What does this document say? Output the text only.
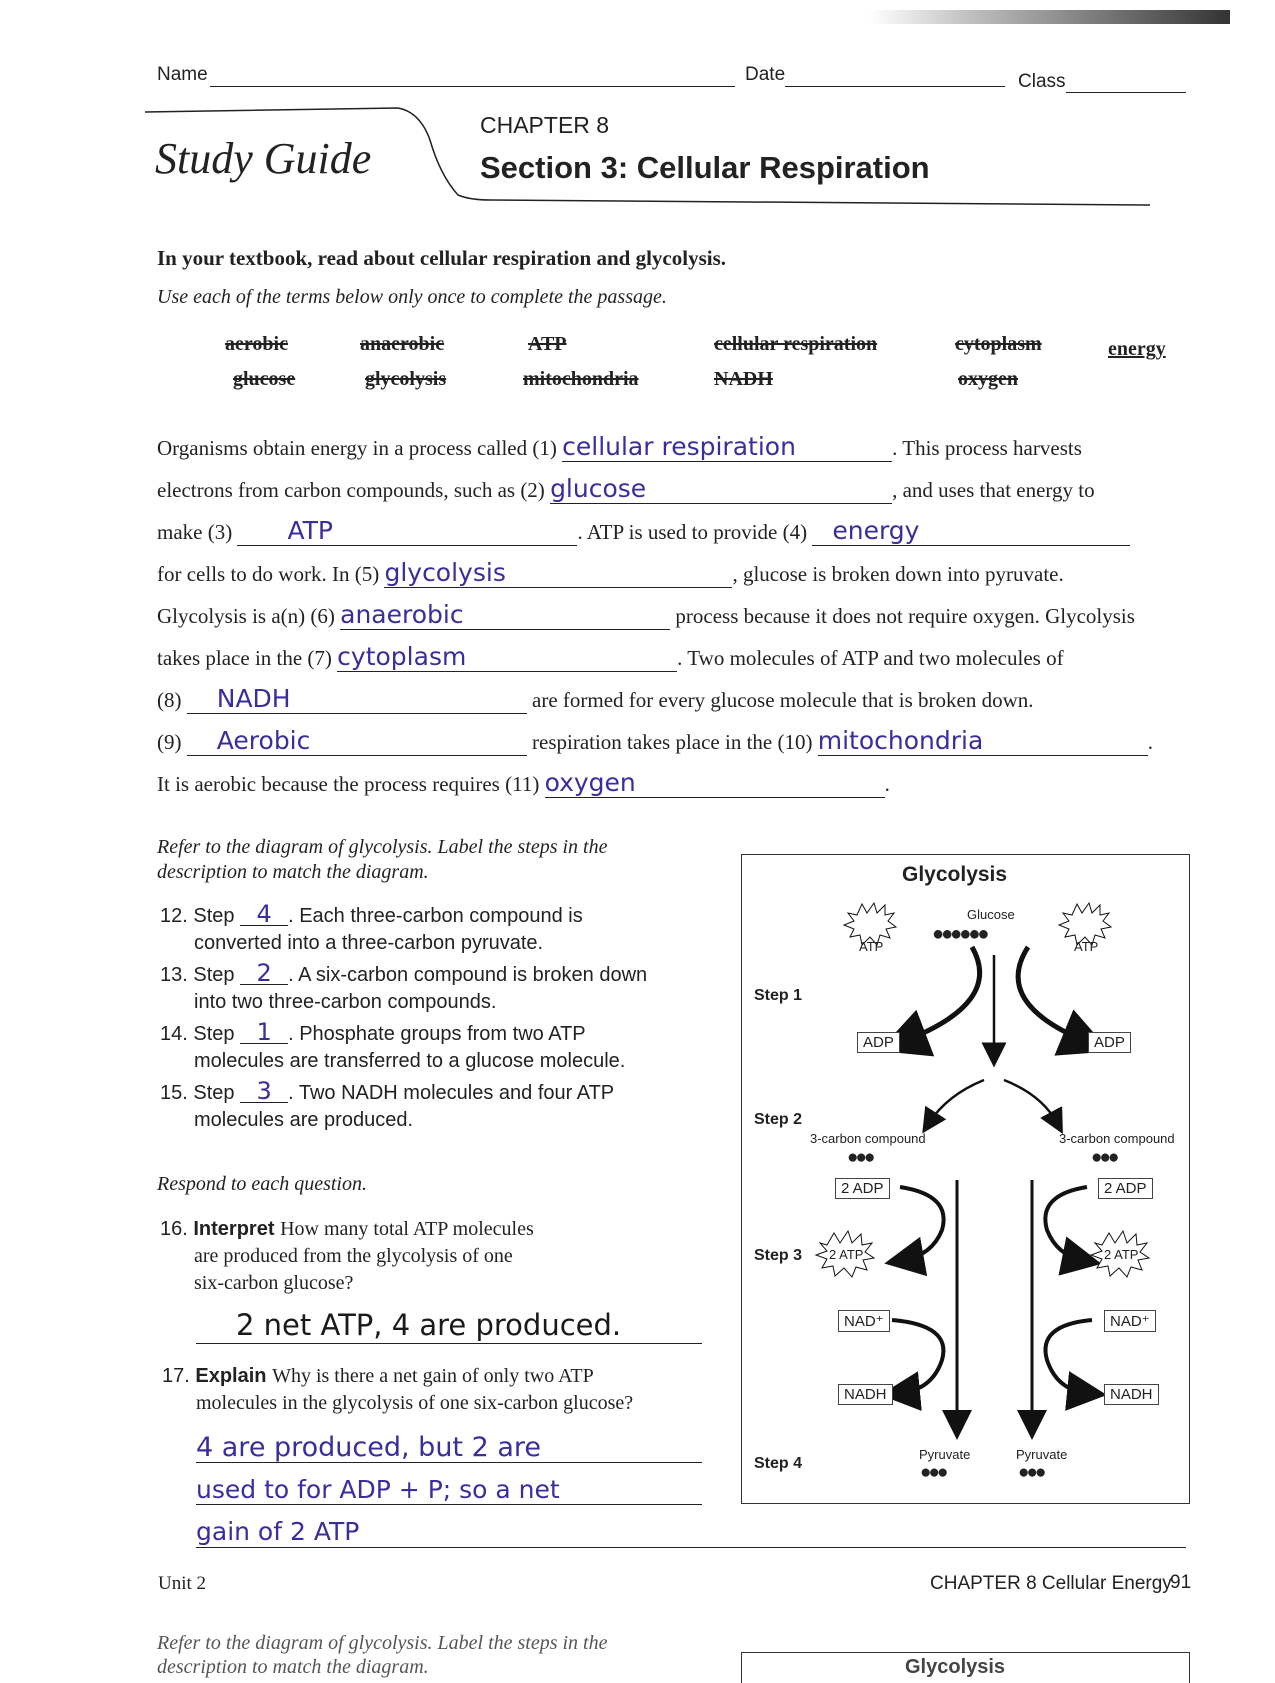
Name	Date	Class
Study Guide
CHAPTER 8
Section 3: Cellular Respiration
In your textbook, read about cellular respiration and glycolysis.
Use each of the terms below only once to complete the passage.
aerobic	anaerobic	ATP	cellular respiration	cytoplasm	energy
glucose	glycolysis	mitochondria	NADH	oxygen
Organisms obtain energy in a process called (1) cellular respiration	. This process harvests
electrons from carbon compounds, such as (2) glucose	, and uses that energy to
make (3) ATP	. ATP is used to provide (4) energy
for cells to do work. In (5) glycolysis	, glucose is broken down into pyruvate.
Glycolysis is a(n) (6) anaerobic	process because it does not require oxygen. Glycolysis
takes place in the (7) cytoplasm	. Two molecules of ATP and two molecules of
(8) NADH	are formed for every glucose molecule that is broken down.
(9) Aerobic	respiration takes place in the (10) mitochondria	.
It is aerobic because the process requires (11) oxygen	.
Refer to the diagram of glycolysis. Label the steps in the
description to match the diagram.
12. Step 4 . Each three-carbon compound is
converted into a three-carbon pyruvate.
13. Step 2 . A six-carbon compound is broken down
into two three-carbon compounds.
14. Step 1 . Phosphate groups from two ATP
molecules are transferred to a glucose molecule.
15. Step 3 . Two NADH molecules and four ATP
molecules are produced.
Respond to each question.
16. Interpret How many total ATP molecules
are produced from the glycolysis of one
six-carbon glucose?
2 net ATP, 4 are produced.
17. Explain Why is there a net gain of only two ATP
molecules in the glycolysis of one six-carbon glucose?
4 are produced, but 2 are
used to for ADP + P; so a net
gain of 2 ATP
Glycolysis
Glucose
●●●●●●
ATP	ATP
Step 1
ADP	ADP
Step 2
3-carbon compound
●●●
3-carbon compound
●●●
2 ADP	2 ADP
Step 3 2 ATP	2 ATP
NAD⁺	NAD⁺
NADH	NADH
Step 4
Pyruvate
●●●
Pyruvate
●●●
Unit 2	CHAPTER 8 Cellular Energy
91
Refer to the diagram of glycolysis. Label the steps in the
description to match the diagram.	Glycolysis
